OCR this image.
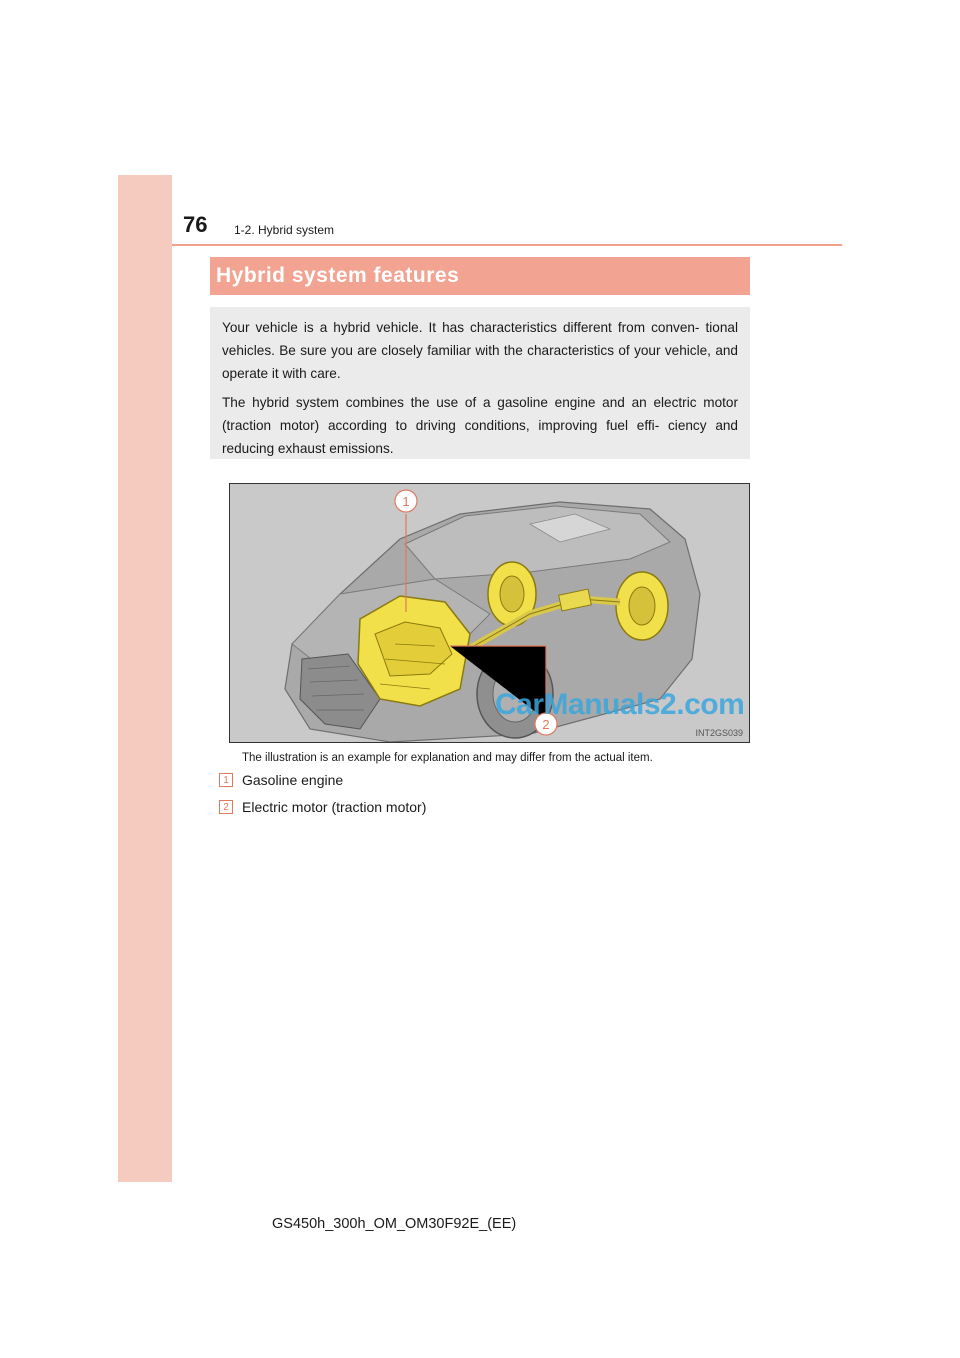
76 1-2. Hybrid system
Hybrid system features

Your vehicle is a hybrid vehicle. It has characteristics different from conven- tional vehicles. Be sure you are closely familiar with the characteristics of your vehicle, and operate it with care.

The hybrid system combines the use of a gasoline engine and an electric motor (traction motor) according to driving conditions, improving fuel effi- ciency and reducing exhaust emissions.

1
2
CarManuals2.com
INT2GS039
The illustration is an example for explanation and may differ from the actual item.
1 Gasoline engine
2 Electric motor (traction motor)
GS450h_300h_OM_OM30F92E_(EE)
